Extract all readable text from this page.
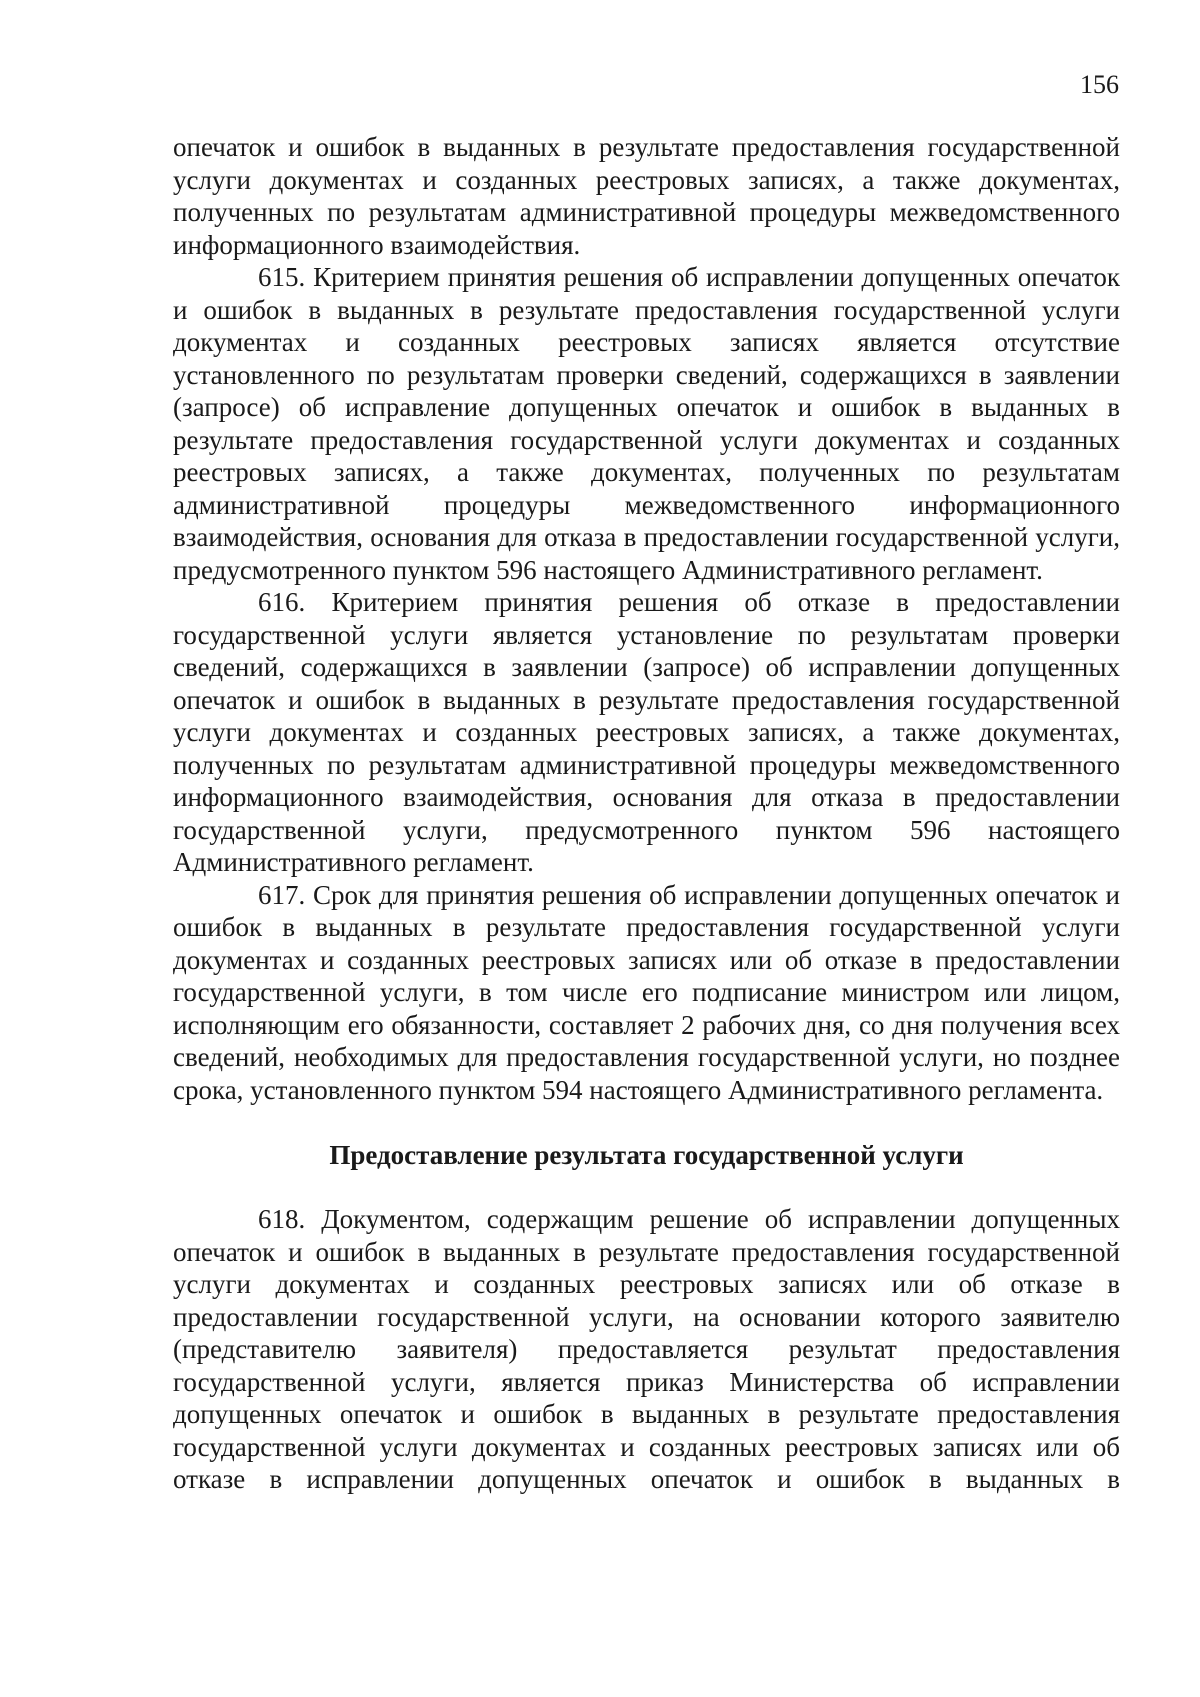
156

опечаток и ошибок в выданных в результате предоставления государственной услуги документах и созданных реестровых записях, а также документах, полученных по результатам административной процедуры межведомственного информационного взаимодействия.

615. Критерием принятия решения об исправлении допущенных опечаток и ошибок в выданных в результате предоставления государственной услуги документах и созданных реестровых записях является отсутствие установленного по результатам проверки сведений, содержащихся в заявлении (запросе) об исправление допущенных опечаток и ошибок в выданных в результате предоставления государственной услуги документах и созданных реестровых записях, а также документах, полученных по результатам административной процедуры межведомственного информационного взаимодействия, основания для отказа в предоставлении государственной услуги, предусмотренного пунктом 596 настоящего Административного регламент.

616. Критерием принятия решения об отказе в предоставлении государственной услуги является установление по результатам проверки сведений, содержащихся в заявлении (запросе) об исправлении допущенных опечаток и ошибок в выданных в результате предоставления государственной услуги документах и созданных реестровых записях, а также документах, полученных по результатам административной процедуры межведомственного информационного взаимодействия, основания для отказа в предоставлении государственной услуги, предусмотренного пунктом 596 настоящего Административного регламент.

617. Срок для принятия решения об исправлении допущенных опечаток и ошибок в выданных в результате предоставления государственной услуги документах и созданных реестровых записях или об отказе в предоставлении государственной услуги, в том числе его подписание министром или лицом, исполняющим его обязанности, составляет 2 рабочих дня, со дня получения всех сведений, необходимых для предоставления государственной услуги, но позднее срока, установленного пунктом 594 настоящего Административного регламента.

Предоставление результата государственной услуги

618. Документом, содержащим решение об исправлении допущенных опечаток и ошибок в выданных в результате предоставления государственной услуги документах и созданных реестровых записях или об отказе в предоставлении государственной услуги, на основании которого заявителю (представителю заявителя) предоставляется результат предоставления государственной услуги, является приказ Министерства об исправлении допущенных опечаток и ошибок в выданных в результате предоставления государственной услуги документах и созданных реестровых записях или об отказе в исправлении допущенных опечаток и ошибок в выданных в
